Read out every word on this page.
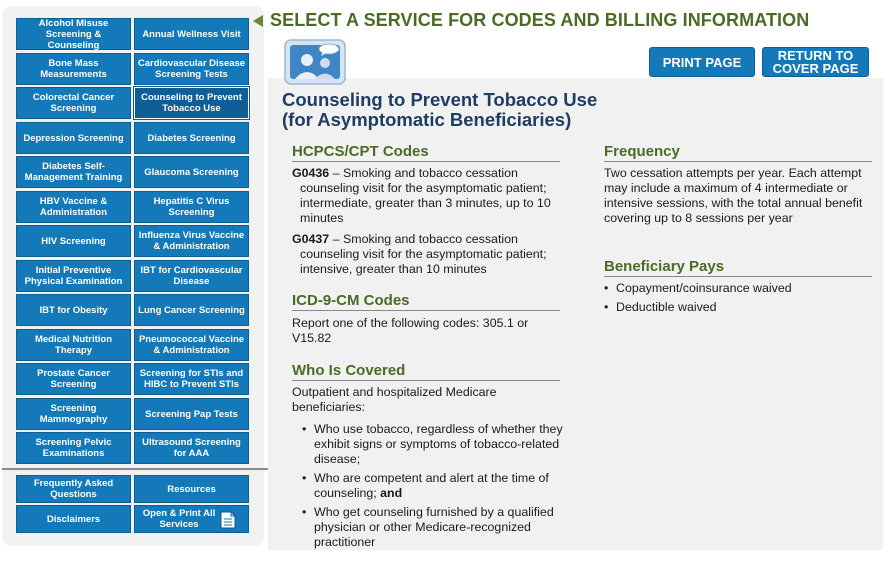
Alcohol Misuse Screening & Counseling
Annual Wellness Visit
Bone Mass Measurements
Cardiovascular Disease Screening Tests
Colorectal Cancer Screening
Counseling to Prevent Tobacco Use
Depression Screening	Diabetes Screening
Diabetes Self-Management Training	Glaucoma Screening
HBV Vaccine & Administration
Hepatitis C Virus Screening
HIV Screening	Influenza Virus Vaccine & Administration
Initial Preventive Physical Examination
IBT for Cardiovascular Disease
IBT for Obesity	Lung Cancer Screening
Medical Nutrition Therapy
Pneumococcal Vaccine & Administration
Prostate Cancer Screening
Screening for STIs and HIBC to Prevent STIs
Screening Mammography	Screening Pap Tests
Screening Pelvic Examinations
Ultrasound Screening for AAA
Frequently Asked Questions	Resources
Disclaimers	Open & Print All Services
SELECT A SERVICE FOR CODES AND BILLING INFORMATION
PRINT PAGE	RETURN TO COVER PAGE
Counseling to Prevent Tobacco Use
(for Asymptomatic Beneficiaries)
HCPCS/CPT Codes
G0436 – Smoking and tobacco cessation
counseling visit for the asymptomatic patient; intermediate, greater than 3 minutes, up to 10 minutes
G0437 – Smoking and tobacco cessation
counseling visit for the asymptomatic patient; intensive, greater than 10 minutes
ICD-9-CM Codes
Report one of the following codes: 305.1 or V15.82
Who Is Covered
Outpatient and hospitalized Medicare beneficiaries:
• Who use tobacco, regardless of whether they exhibit signs or symptoms of tobacco-related disease;
• Who are competent and alert at the time of counseling; and
• Who get counseling furnished by a qualified physician or other Medicare-recognized practitioner
Frequency
Two cessation attempts per year. Each attempt may include a maximum of 4 intermediate or intensive sessions, with the total annual benefit covering up to 8 sessions per year
Beneficiary Pays
• Copayment/coinsurance waived
• Deductible waived
